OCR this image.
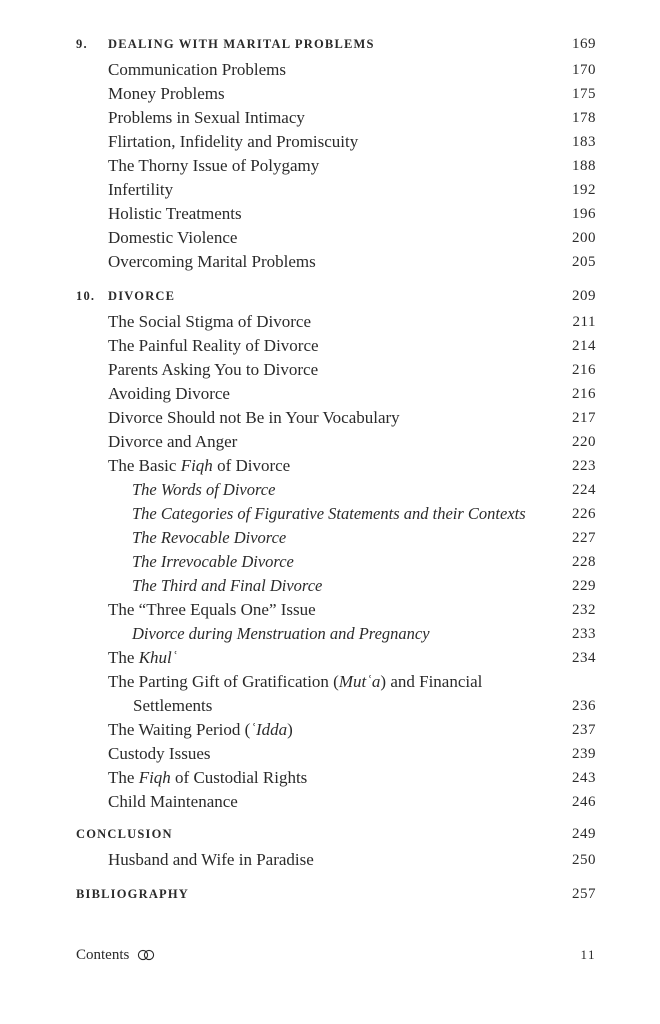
9. DEALING WITH MARITAL PROBLEMS	169
Communication Problems	170
Money Problems	175
Problems in Sexual Intimacy	178
Flirtation, Infidelity and Promiscuity	183
The Thorny Issue of Polygamy	188
Infertility	192
Holistic Treatments	196
Domestic Violence	200
Overcoming Marital Problems	205
10. DIVORCE	209
The Social Stigma of Divorce	211
The Painful Reality of Divorce	214
Parents Asking You to Divorce	216
Avoiding Divorce	216
Divorce Should not Be in Your Vocabulary	217
Divorce and Anger	220
The Basic Fiqh of Divorce	223
The Words of Divorce	224
The Categories of Figurative Statements and their Contexts	226
The Revocable Divorce	227
The Irrevocable Divorce	228
The Third and Final Divorce	229
The “Three Equals One” Issue	232
Divorce during Menstruation and Pregnancy	233
The Khulʿ	234
The Parting Gift of Gratification (Mutʿa) and Financial
Settlements	236
The Waiting Period (ʿIdda)	237
Custody Issues	239
The Fiqh of Custodial Rights	243
Child Maintenance	246
CONCLUSION	249
Husband and Wife in Paradise	250
BIBLIOGRAPHY	257
Contents	11
